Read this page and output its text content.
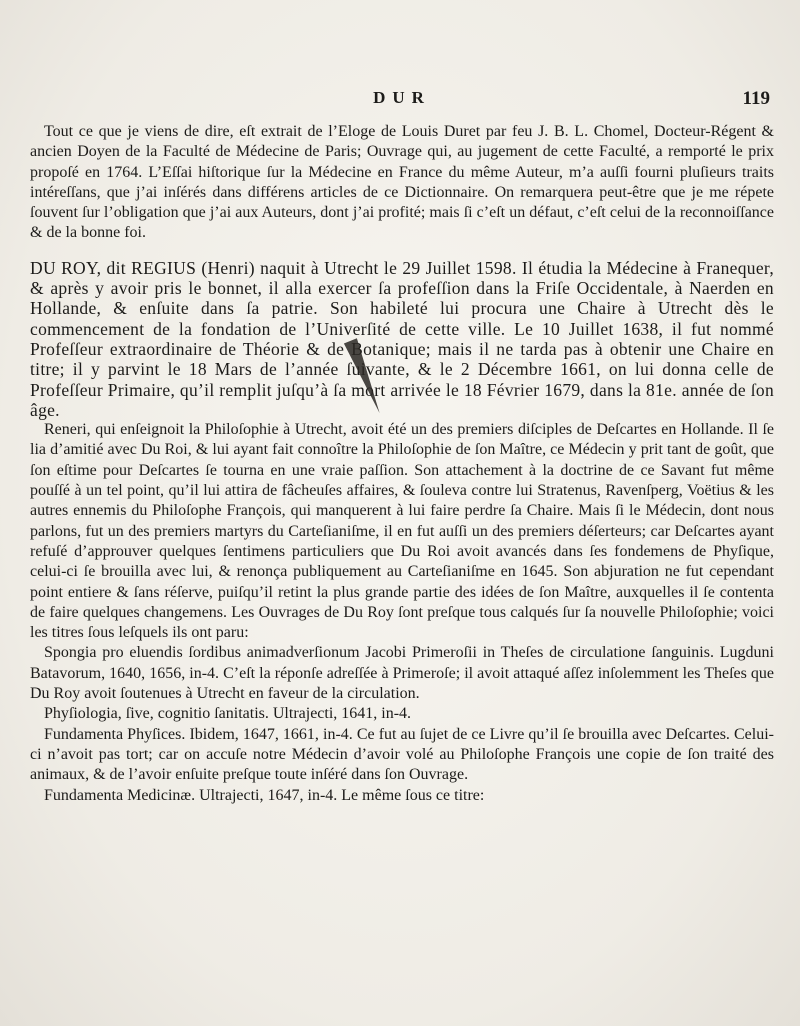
DUR	119

Tout ce que je viens de dire, eſt extrait de l’Eloge de Louis Duret par feu J. B. L. Chomel, Docteur-Régent & ancien Doyen de la Faculté de Médecine de Paris; Ouvrage qui, au jugement de cette Faculté, a remporté le prix propoſé en 1764. L’Eſſai hiſtorique ſur la Médecine en France du même Auteur, m’a auſſi fourni pluſieurs traits intéreſſans, que j’ai inſérés dans différens articles de ce Dictionnaire. On remarquera peut-être que je me répete ſouvent ſur l’obligation que j’ai aux Auteurs, dont j’ai profité; mais ſi c’eſt un défaut, c’eſt celui de la reconnoiſſance & de la bonne foi.

DU ROY, dit REGIUS (Henri) naquit à Utrecht le 29 Juillet 1598. Il étudia la Médecine à Franequer, & après y avoir pris le bonnet, il alla exercer ſa profeſſion dans la Friſe Occidentale, à Naerden en Hollande, & enſuite dans ſa patrie. Son habileté lui procura une Chaire à Utrecht dès le commencement de la fondation de l’Univerſité de cette ville. Le 10 Juillet 1638, il fut nommé Profeſſeur extraordinaire de Théorie & de Botanique; mais il ne tarda pas à obtenir une Chaire en titre; il y parvint le 18 Mars de l’année ſuivante, & le 2 Décembre 1661, on lui donna celle de Profeſſeur Primaire, qu’il remplit juſqu’à ſa mort arrivée le 18 Février 1679, dans la 81e. année de ſon âge.

Reneri, qui enſeignoit la Philoſophie à Utrecht, avoit été un des premiers diſciples de Deſcartes en Hollande. Il ſe lia d’amitié avec Du Roi, & lui ayant fait connoître la Philoſophie de ſon Maître, ce Médecin y prit tant de goût, que ſon eſtime pour Deſcartes ſe tourna en une vraie paſſion. Son attachement à la doctrine de ce Savant fut même pouſſé à un tel point, qu’il lui attira de fâcheuſes affaires, & ſouleva contre lui Stratenus, Ravenſperg, Voëtius & les autres ennemis du Philoſophe François, qui manquerent à lui faire perdre ſa Chaire. Mais ſi le Médecin, dont nous parlons, fut un des premiers martyrs du Carteſianiſme, il en fut auſſi un des premiers déſerteurs; car Deſcartes ayant refuſé d’approuver quelques ſentimens particuliers que Du Roi avoit avancés dans ſes fondemens de Phyſique, celui-ci ſe brouilla avec lui, & renonça publiquement au Carteſianiſme en 1645. Son abjuration ne fut cependant point entiere & ſans réſerve, puiſqu’il retint la plus grande partie des idées de ſon Maître, auxquelles il ſe contenta de faire quelques changemens. Les Ouvrages de Du Roy ſont preſque tous calqués ſur ſa nouvelle Philoſophie; voici les titres ſous leſquels ils ont paru:

Spongia pro eluendis ſordibus animadverſionum Jacobi Primeroſii in Theſes de circulatione ſanguinis. Lugduni Batavorum, 1640, 1656, in-4. C’eſt la réponſe adreſſée à Primeroſe; il avoit attaqué aſſez inſolemment les Theſes que Du Roy avoit ſoutenues à Utrecht en faveur de la circulation.

Phyſiologia, ſive, cognitio ſanitatis. Ultrajecti, 1641, in-4.

Fundamenta Phyſices. Ibidem, 1647, 1661, in-4. Ce fut au ſujet de ce Livre qu’il ſe brouilla avec Deſcartes. Celui-ci n’avoit pas tort; car on accuſe notre Médecin d’avoir volé au Philoſophe François une copie de ſon traité des animaux, & de l’avoir enſuite preſque toute inſéré dans ſon Ouvrage.

Fundamenta Medicinæ. Ultrajecti, 1647, in-4. Le même ſous ce titre:
